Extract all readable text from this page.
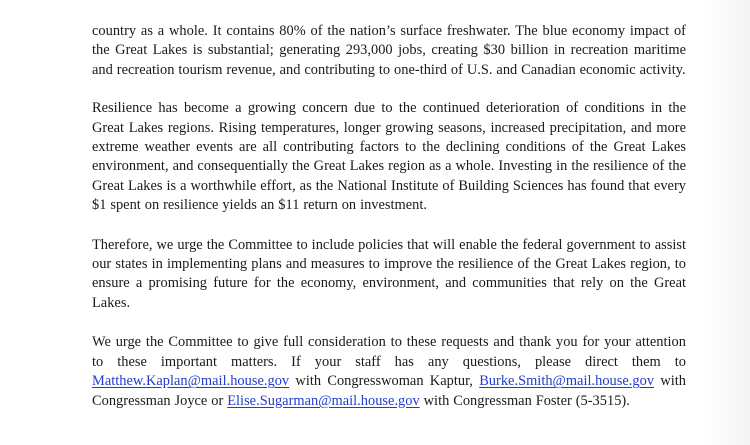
country as a whole. It contains 80% of the nation’s surface freshwater. The blue economy impact of the Great Lakes is substantial; generating 293,000 jobs, creating $30 billion in recreation maritime and recreation tourism revenue, and contributing to one-third of U.S. and Canadian economic activity.

Resilience has become a growing concern due to the continued deterioration of conditions in the Great Lakes regions. Rising temperatures, longer growing seasons, increased precipitation, and more extreme weather events are all contributing factors to the declining conditions of the Great Lakes environment, and consequentially the Great Lakes region as a whole. Investing in the resilience of the Great Lakes is a worthwhile effort, as the National Institute of Building Sciences has found that every $1 spent on resilience yields an $11 return on investment.

Therefore, we urge the Committee to include policies that will enable the federal government to assist our states in implementing plans and measures to improve the resilience of the Great Lakes region, to ensure a promising future for the economy, environment, and communities that rely on the Great Lakes.

We urge the Committee to give full consideration to these requests and thank you for your attention to these important matters. If your staff has any questions, please direct them to Matthew.Kaplan@mail.house.gov with Congresswoman Kaptur, Burke.Smith@mail.house.gov with Congressman Joyce or Elise.Sugarman@mail.house.gov with Congressman Foster (5-3515).
